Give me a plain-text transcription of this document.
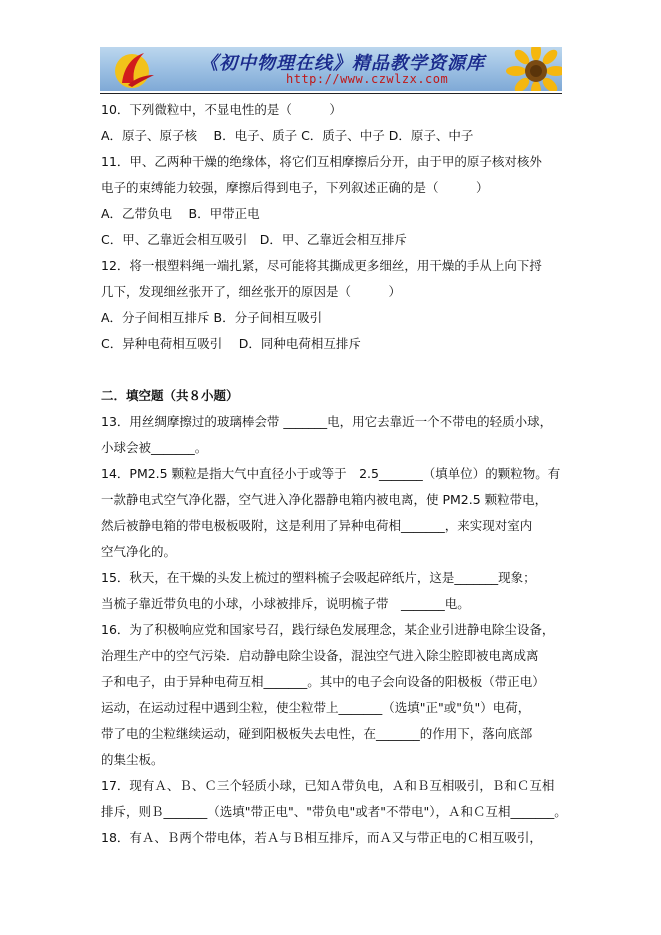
《初中物理在线》精品教学资源库
http://www.czwlzx.com
10．下列微粒中，不显电性的是（　　　）
A．原子、原子核　 B．电子、质子 C．质子、中子 D．原子、中子
11．甲、乙两种干燥的绝缘体，将它们互相摩擦后分开，由于甲的原子核对核外
电子的束缚能力较强，摩擦后得到电子，下列叙述正确的是（　　　）
A．乙带负电　 B．甲带正电
C．甲、乙靠近会相互吸引　D．甲、乙靠近会相互排斥
12．将一根塑料绳一端扎紧，尽可能将其撕成更多细丝，用干燥的手从上向下捋
几下，发现细丝张开了，细丝张开的原因是（　　　）
A．分子间相互排斥 B．分子间相互吸引
C．异种电荷相互吸引　 D．同种电荷相互排斥
二．填空题（共８小题）
13．用丝绸摩擦过的玻璃棒会带 _______电，用它去靠近一个不带电的轻质小球，
小球会被_______。
14．PM2.5 颗粒是指大气中直径小于或等于　2.5_______（填单位）的颗粒物。有
一款静电式空气净化器，空气进入净化器静电箱内被电离，使 PM2.5 颗粒带电，
然后被静电箱的带电极板吸附，这是利用了异种电荷相_______，来实现对室内
空气净化的。
15．秋天，在干燥的头发上梳过的塑料梳子会吸起碎纸片，这是_______现象；
当梳子靠近带负电的小球，小球被排斥，说明梳子带　_______电。
16．为了积极响应党和国家号召，践行绿色发展理念，某企业引进静电除尘设备，
治理生产中的空气污染．启动静电除尘设备，混浊空气进入除尘腔即被电离成离
子和电子，由于异种电荷互相_______。其中的电子会向设备的阳极板（带正电）
运动，在运动过程中遇到尘粒，使尘粒带上_______（选填"正"或"负"）电荷，
带了电的尘粒继续运动，碰到阳极板失去电性，在_______的作用下，落向底部
的集尘板。
17．现有Ａ、Ｂ、Ｃ三个轻质小球，已知Ａ带负电，Ａ和Ｂ互相吸引，Ｂ和Ｃ互相
排斥，则Ｂ_______（选填"带正电"、"带负电"或者"不带电"），Ａ和Ｃ互相_______。
18．有Ａ、Ｂ两个带电体，若Ａ与Ｂ相互排斥，而Ａ又与带正电的Ｃ相互吸引，
